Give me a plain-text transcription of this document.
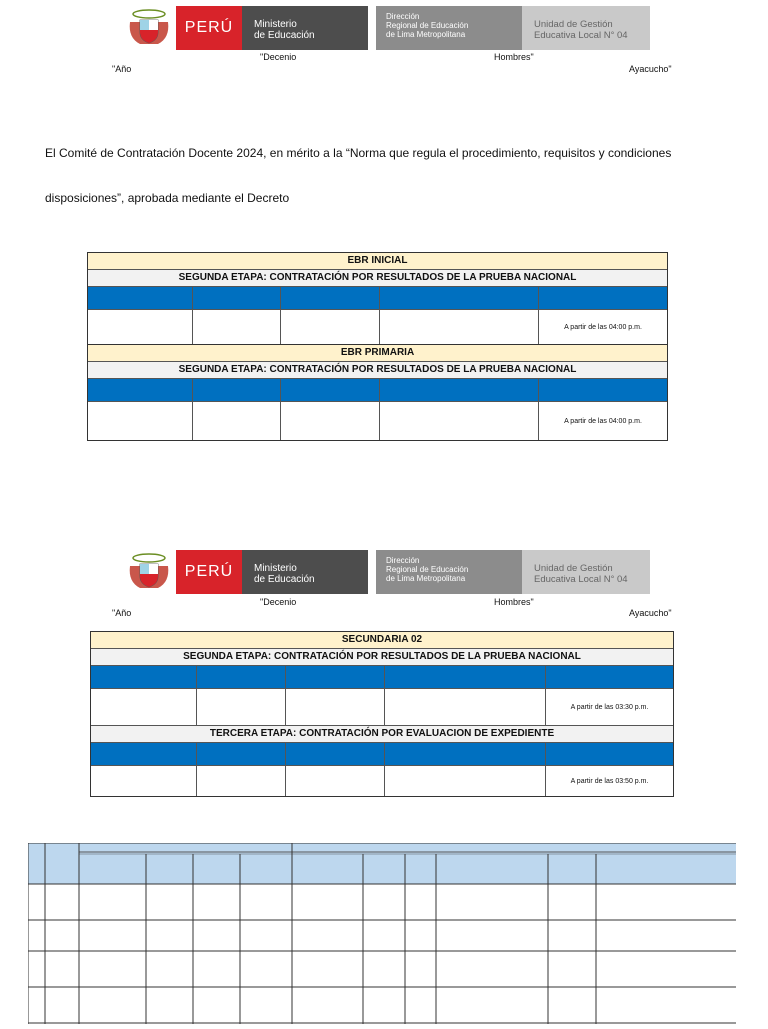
PERÚ	Ministerio
de Educación
Dirección
Regional de Educación
de Lima Metropolitana
Unidad de Gestión
Educativa Local N° 04
"Decenio	Hombres"
"Año	Ayacucho"
El Comité de Contratación Docente 2024, en mérito a la “Norma que regula el procedimiento, requisitos y condiciones
disposiciones”, aprobada mediante el Decreto
EBR INICIAL
SEGUNDA ETAPA: CONTRATACIÓN POR RESULTADOS DE LA PRUEBA NACIONAL
A partir de las 04:00 p.m.
EBR PRIMARIA
SEGUNDA ETAPA: CONTRATACIÓN POR RESULTADOS DE LA PRUEBA NACIONAL
A partir de las 04:00 p.m.
PERÚ	Ministerio
de Educación
Dirección
Regional de Educación
de Lima Metropolitana
Unidad de Gestión
Educativa Local N° 04
"Decenio	Hombres"
"Año	Ayacucho"
SECUNDARIA 02
SEGUNDA ETAPA: CONTRATACIÓN POR RESULTADOS DE LA PRUEBA NACIONAL
A partir de las 03:30 p.m.
TERCERA ETAPA: CONTRATACIÓN POR EVALUACION DE EXPEDIENTE
A partir de las 03:50 p.m.
